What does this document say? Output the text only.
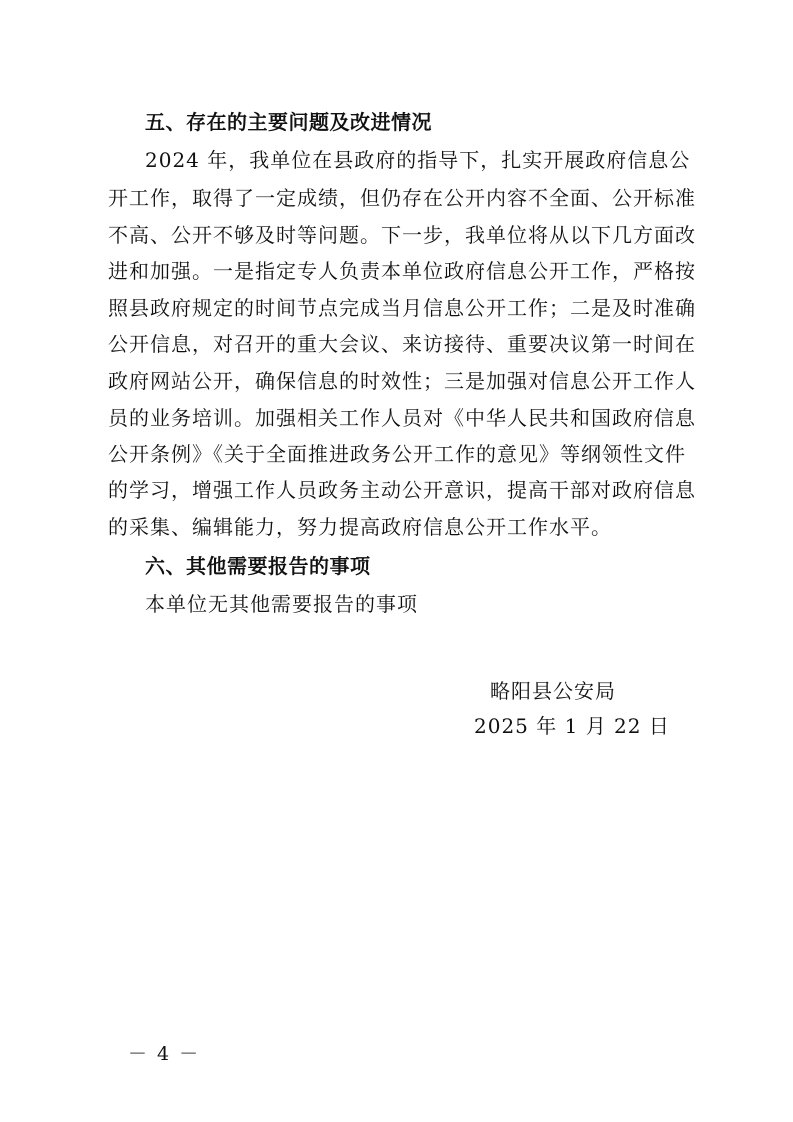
五、存在的主要问题及改进情况
2024 年，我单位在县政府的指导下，扎实开展政府信息公
开工作，取得了一定成绩，但仍存在公开内容不全面、公开标准
不高、公开不够及时等问题。下一步，我单位将从以下几方面改
进和加强。一是指定专人负责本单位政府信息公开工作，严格按
照县政府规定的时间节点完成当月信息公开工作；二是及时准确
公开信息，对召开的重大会议、来访接待、重要决议第一时间在
政府网站公开，确保信息的时效性；三是加强对信息公开工作人
员的业务培训。加强相关工作人员对《中华人民共和国政府信息
公开条例》《关于全面推进政务公开工作的意见》等纲领性文件
的学习，增强工作人员政务主动公开意识，提高干部对政府信息
的采集、编辑能力，努力提高政府信息公开工作水平。
六、其他需要报告的事项
本单位无其他需要报告的事项
略阳县公安局
2025 年 1 月 22 日
－ 4 －
